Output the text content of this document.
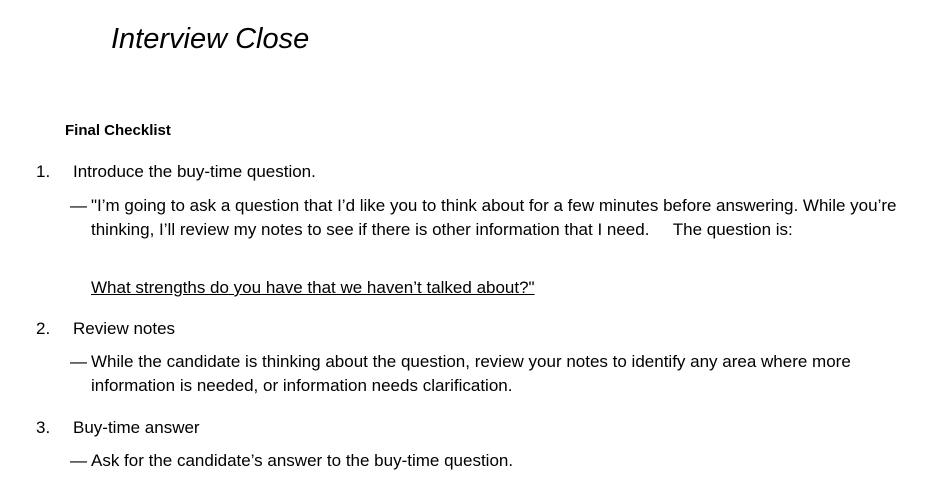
Interview Close
Final Checklist
1. Introduce the buy-time question.
— "I’m going to ask a question that I’d like you to think about for a few minutes before answering. While you’re thinking, I’ll review my notes to see if there is other information that I need.     The question is:
What strengths do you have that we haven’t talked about?"
2. Review notes
— While the candidate is thinking about the question, review your notes to identify any area where more information is needed, or information needs clarification.
3. Buy-time answer
— Ask for the candidate’s answer to the buy-time question.
